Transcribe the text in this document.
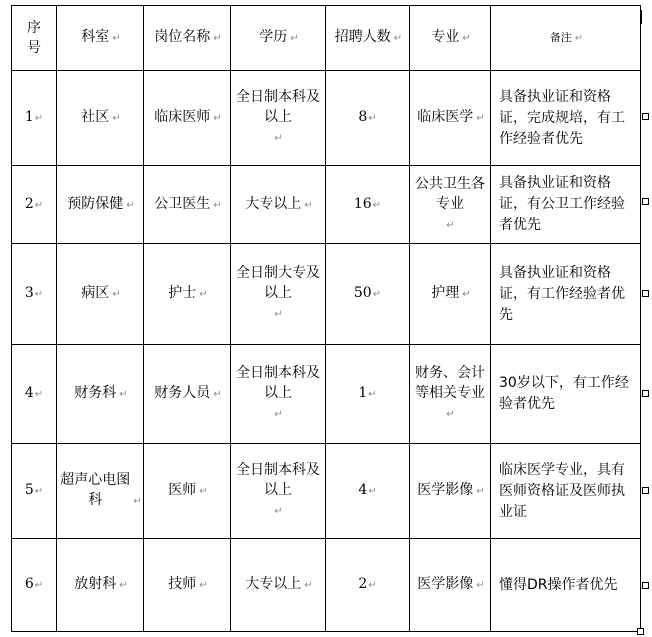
序号	科室 ↵	岗位名称 ↵	学历 ↵	招聘人数 ↵	专业 ↵	备注 ↵
1↵	社区 ↵	临床医师 ↵	全日制本科及以上↵	8↵	临床医学 ↵	具备执业证和资格证，完成规培，有工作经验者优先

2↵	预防保健 ↵	公卫医生 ↵	大专以上 ↵	16↵	公共卫生各专业↵	具备执业证和资格证，有公卫工作经验者优先

3↵	病区 ↵	护士 ↵	全日制大专及以上↵	50↵	护理 ↵	具备执业证和资格证，有工作经验者优先

4↵	财务科 ↵	财务人员 ↵	全日制本科及以上↵	1↵	财务、会计等相关专业↵	30岁以下，有工作经验者优先

5↵	超声心电图科 ↵	医师 ↵	全日制本科及以上↵	4↵	医学影像 ↵	临床医学专业，具有医师资格证及医师执业证

6↵	放射科 ↵	技师 ↵	大专以上 ↵	2↵	医学影像 ↵	懂得DR操作者优先
